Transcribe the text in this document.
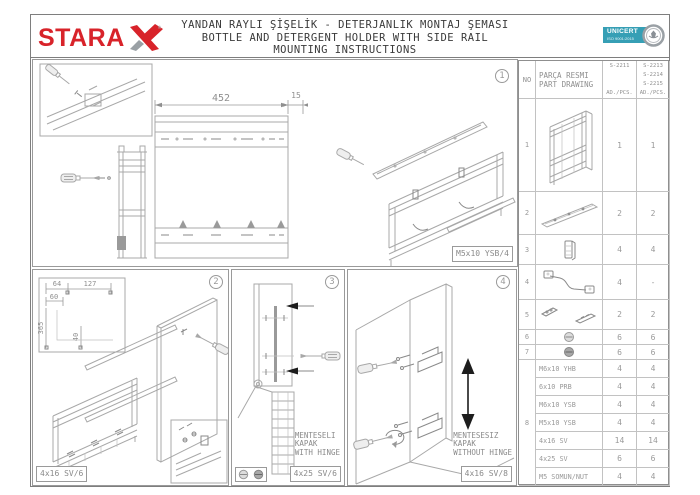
STARA	®	YANDAN RAYLI ŞİŞELİK - DETERJANLIK MONTAJ ŞEMASI
BOTTLE AND DETERGENT HOLDER WITH SIDE RAIL
MOUNTING INSTRUCTIONS
UNICERT
ISO 9001:2015
452	15
1
M5x10 YSB/4
64	127
60
365
40
2
4x16 SV/6
3
MENTESELI
KAPAK
WITH HINGE
4x25 SV/6
4
MENTESESIZ
KAPAK
WITHOUT HINGE
4x16 SV/8
NO	PARÇA RESMI
PART DRAWING
S-2211
AD./PCS.
S-2213
S-2214
S-2215
AD./PCS.
1	1	1
2	2	2
3	4	4
4	4	-
5	2	2
6	6	6
7	6	6
8
M6x10 YHB	4	4
6x10 PRB	4	4
M6x10 YSB	4	4
M5x10 YSB	4	4
4x16 SV	14	14
4x25 SV	6	6
M5 SOMUN/NUT	4	4
